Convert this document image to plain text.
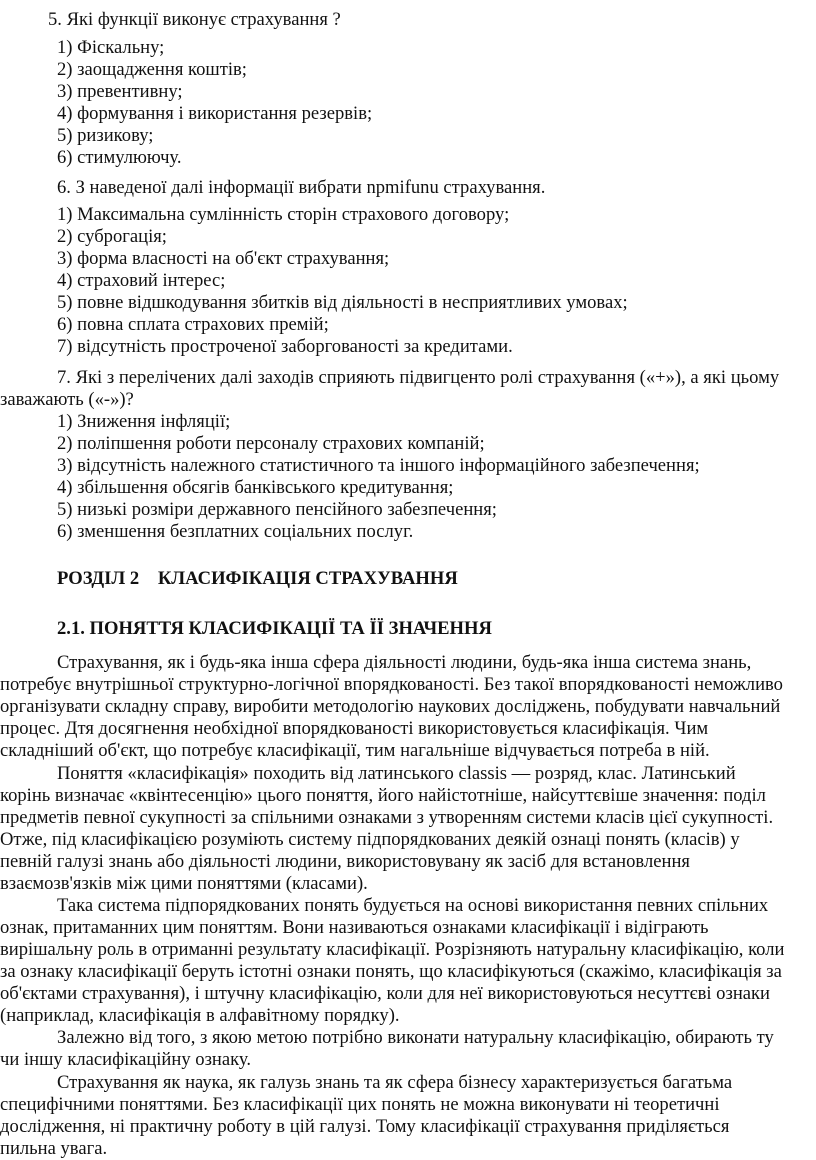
5. Які функції виконує страхування ?
1) Фіскальну;
2) заощадження коштів;
3) превентивну;
4) формування і використання резервів;
5) ризикову;
6) стимулюючу.
6. З наведеної далі інформації вибрати npmifunu страхування.
1) Максимальна сумлінність сторін страхового договору;
2) суброгація;
3) форма власності на об'єкт страхування;
4) страховий інтерес;
5) повне відшкодування збитків від діяльності в несприятливих умовах;
6) повна сплата страхових премій;
7) відсутність простроченої заборгованості за кредитами.
7. Які з перелічених далі заходів сприяють підвигценто ролі страхування («+»), а які цьому
заважають («-»)?
1) Зниження інфляції;
2) поліпшення роботи персоналу страхових компаній;
3) відсутність належного статистичного та іншого інформаційного забезпечення;
4) збільшення обсягів банківського кредитування;
5) низькі розміри державного пенсійного забезпечення;
6) зменшення безплатних соціальних послуг.
РОЗДІЛ 2    КЛАСИФІКАЦІЯ СТРАХУВАННЯ
2.1. ПОНЯТТЯ КЛАСИФІКАЦІЇ ТА ЇЇ ЗНАЧЕННЯ
Страхування, як і будь-яка інша сфера діяльності людини, будь-яка інша система знань,
потребує внутрішньої структурно-логічної впорядкованості. Без такої впорядкованості неможливо
організувати складну справу, виробити методологію наукових досліджень, побудувати навчальний
процес. Дтя досягнення необхідної впорядкованості використовується класифікація. Чим
складніший об'єкт, що потребує класифікації, тим нагальніше відчувається потреба в ній.
Поняття «класифікація» походить від латинського classis — розряд, клас. Латинський
корінь визначає «квінтесенцію» цього поняття, його найістотніше, найсуттєвіше значення: поділ
предметів певної сукупності за спільними ознаками з утворенням системи класів цієї сукупності.
Отже, під класифікацією розуміють систему підпорядкованих деякій ознаці понять (класів) у
певній галузі знань або діяльності людини, використовувану як засіб для встановлення
взаємозв'язків між цими поняттями (класами).
Така система підпорядкованих понять будується на основі використання певних спільних
ознак, притаманних цим поняттям. Вони називаються ознаками класифікації і відіграють
вирішальну роль в отриманні результату класифікації. Розрізняють натуральну класифікацію, коли
за ознаку класифікації беруть істотні ознаки понять, що класифікуються (скажімо, класифікація за
об'єктами страхування), і штучну класифікацію, коли для неї використовуються несуттєві ознаки
(наприклад, класифікація в алфавітному порядку).
Залежно від того, з якою метою потрібно виконати натуральну класифікацію, обирають ту
чи іншу класифікаційну ознаку.
Страхування як наука, як галузь знань та як сфера бізнесу характеризується багатьма
специфічними поняттями. Без класифікації цих понять не можна виконувати ні теоретичні
дослідження, ні практичну роботу в цій галузі. Тому класифікації страхування приділяється
пильна увага.
